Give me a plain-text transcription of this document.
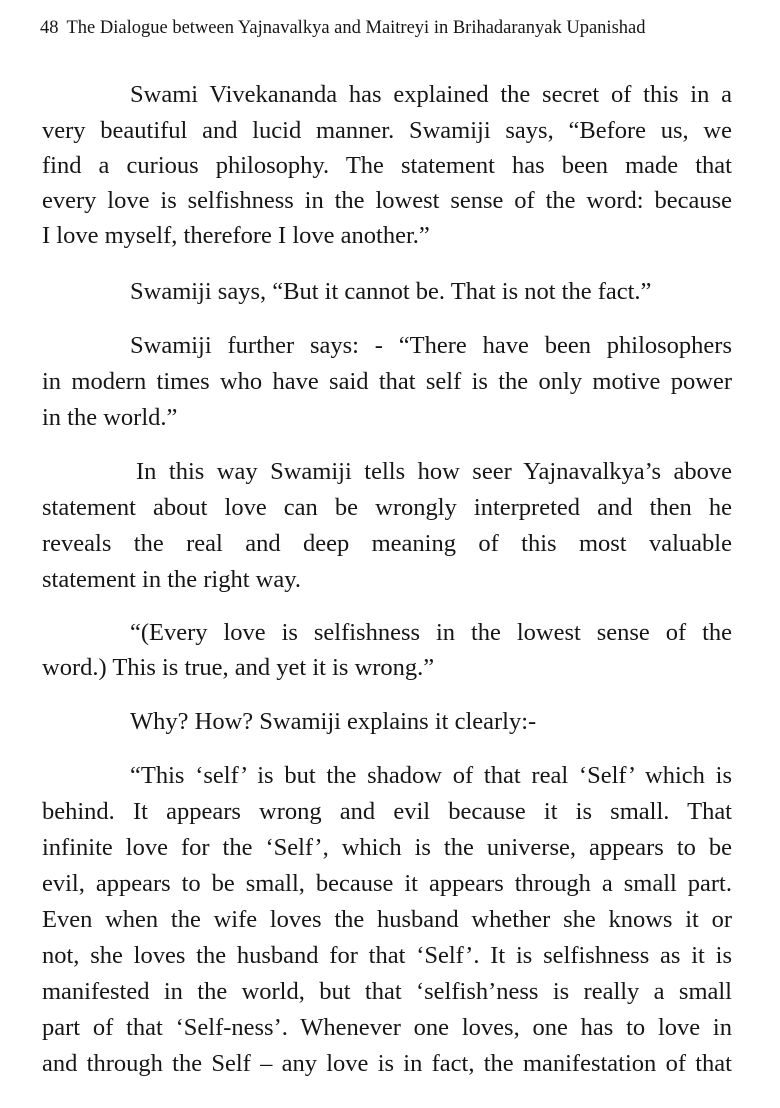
48 The Dialogue between Yajnavalkya and Maitreyi in Brihadaranyak Upanishad
Swami Vivekananda has explained the secret of this in a
very beautiful and lucid manner. Swamiji says, “Before us, we
find a curious philosophy. The statement has been made that
every love is selfishness in the lowest sense of the word: because
I love myself, therefore I love another.”
Swamiji says, “But it cannot be. That is not the fact.”
Swamiji further says: - “There have been philosophers
in modern times who have said that self is the only motive power
in the world.”
In this way Swamiji tells how seer Yajnavalkya’s above
statement about love can be wrongly interpreted and then he
reveals the real and deep meaning of this most valuable
statement in the right way.
“(Every love is selfishness in the lowest sense of the
word.) This is true, and yet it is wrong.”
Why? How? Swamiji explains it clearly:-
“This ‘self’ is but the shadow of that real ‘Self’ which is
behind. It appears wrong and evil because it is small. That
infinite love for the ‘Self’, which is the universe, appears to be
evil, appears to be small, because it appears through a small part.
Even when the wife loves the husband whether she knows it or
not, she loves the husband for that ‘Self’. It is selfishness as it is
manifested in the world, but that ‘selfish’ness is really a small
part of that ‘Self-ness’. Whenever one loves, one has to love in
and through the Self – any love is in fact, the manifestation of that
